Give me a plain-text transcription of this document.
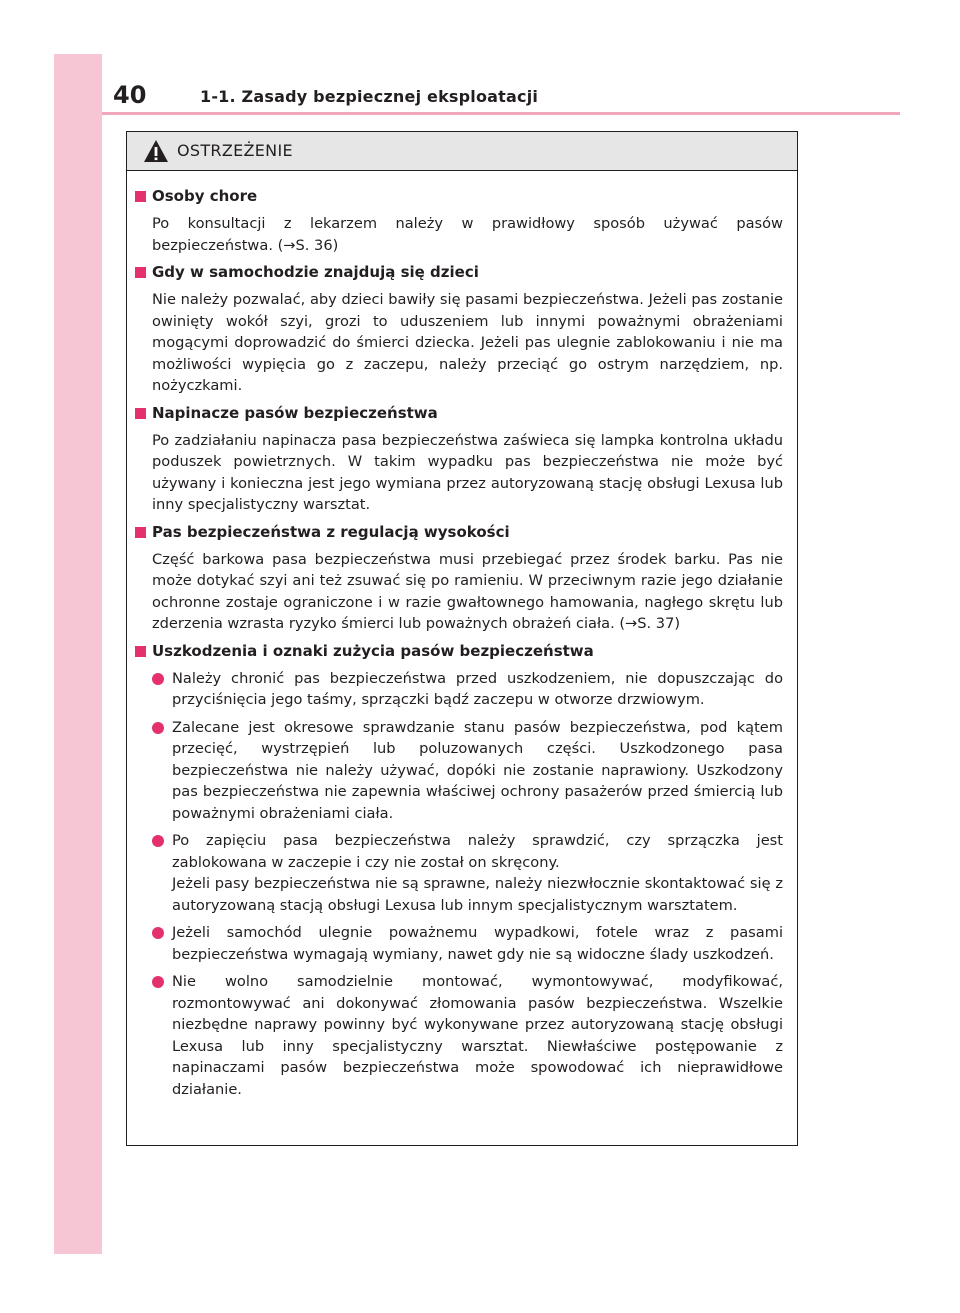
40	1-1. Zasady bezpiecznej eksploatacji
OSTRZEŻENIE
Osoby chore
Po konsultacji z lekarzem należy w prawidłowy sposób używać pasów bezpieczeństwa. (→S. 36)
Gdy w samochodzie znajdują się dzieci
Nie należy pozwalać, aby dzieci bawiły się pasami bezpieczeństwa. Jeżeli pas zostanie owinięty wokół szyi, grozi to uduszeniem lub innymi poważnymi obrażeniami mogącymi doprowadzić do śmierci dziecka. Jeżeli pas ulegnie zablokowaniu i nie ma możliwości wypięcia go z zaczepu, należy przeciąć go ostrym narzędziem, np. nożyczkami.
Napinacze pasów bezpieczeństwa
Po zadziałaniu napinacza pasa bezpieczeństwa zaświeca się lampka kontrolna układu poduszek powietrznych. W takim wypadku pas bezpieczeństwa nie może być używany i konieczna jest jego wymiana przez autoryzowaną stację obsługi Lexusa lub inny specjalistyczny warsztat.
Pas bezpieczeństwa z regulacją wysokości
Część barkowa pasa bezpieczeństwa musi przebiegać przez środek barku. Pas nie może dotykać szyi ani też zsuwać się po ramieniu. W przeciwnym razie jego działanie ochronne zostaje ograniczone i w razie gwałtownego hamowania, nagłego skrętu lub zderzenia wzrasta ryzyko śmierci lub poważnych obrażeń ciała. (→S. 37)
Uszkodzenia i oznaki zużycia pasów bezpieczeństwa
Należy chronić pas bezpieczeństwa przed uszkodzeniem, nie dopuszczając do przyciśnięcia jego taśmy, sprzączki bądź zaczepu w otworze drzwiowym.
Zalecane jest okresowe sprawdzanie stanu pasów bezpieczeństwa, pod kątem przecięć, wystrzępień lub poluzowanych części. Uszkodzonego pasa bezpieczeństwa nie należy używać, dopóki nie zostanie naprawiony. Uszkodzony pas bezpieczeństwa nie zapewnia właściwej ochrony pasażerów przed śmiercią lub poważnymi obrażeniami ciała.
Po zapięciu pasa bezpieczeństwa należy sprawdzić, czy sprzączka jest zablokowana w zaczepie i czy nie został on skręcony.
Jeżeli pasy bezpieczeństwa nie są sprawne, należy niezwłocznie skontaktować się z autoryzowaną stacją obsługi Lexusa lub innym specjalistycznym warsztatem.
Jeżeli samochód ulegnie poważnemu wypadkowi, fotele wraz z pasami bezpieczeństwa wymagają wymiany, nawet gdy nie są widoczne ślady uszkodzeń.
Nie wolno samodzielnie montować, wymontowywać, modyfikować, rozmontowywać ani dokonywać złomowania pasów bezpieczeństwa. Wszelkie niezbędne naprawy powinny być wykonywane przez autoryzowaną stację obsługi Lexusa lub inny specjalistyczny warsztat. Niewłaściwe postępowanie z napinaczami pasów bezpieczeństwa może spowodować ich nieprawidłowe działanie.
